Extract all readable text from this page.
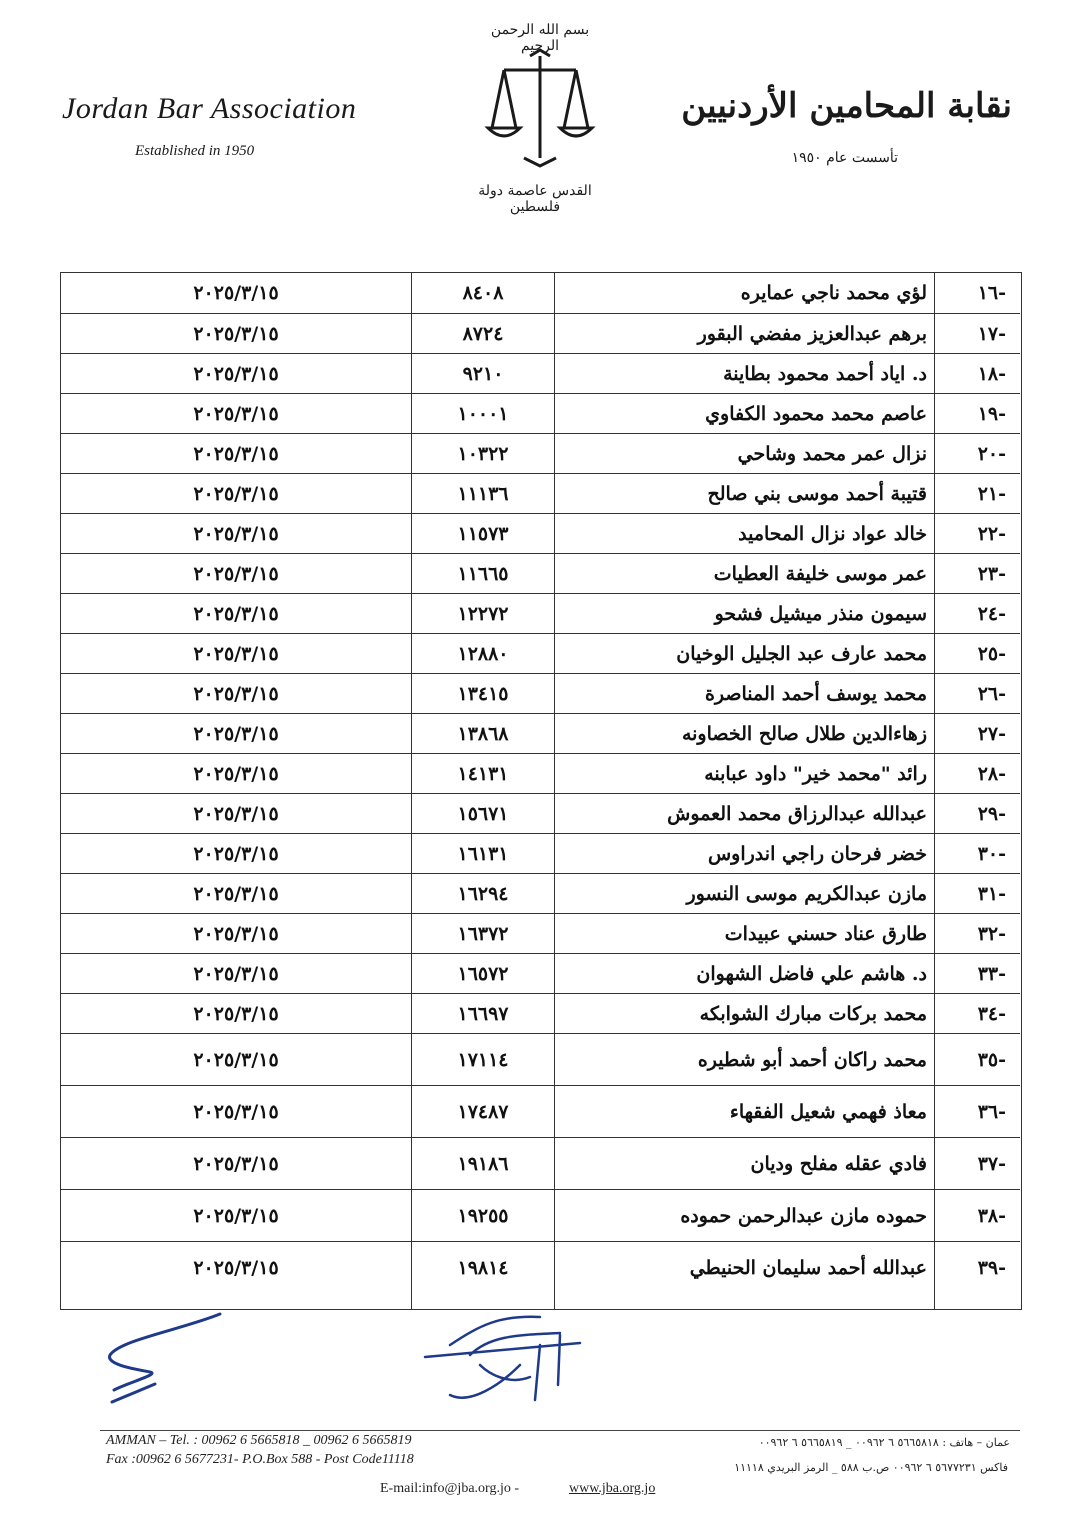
Jordan Bar Association
Established in 1950
بسم الله الرحمن الرحيم
القدس عاصمة دولة فلسطين
نقابة المحامين الأردنيين
تأسست عام ١٩٥٠
٢٠٢٥/٣/١٥	٨٤٠٨	لؤي محمد ناجي عمايره	-١٦
٢٠٢٥/٣/١٥	٨٧٢٤	برهم عبدالعزيز مفضي البقور	-١٧
٢٠٢٥/٣/١٥	٩٢١٠	د. اياد أحمد محمود بطاينة	-١٨
٢٠٢٥/٣/١٥	١٠٠٠١	عاصم محمد محمود الكفاوي	-١٩
٢٠٢٥/٣/١٥	١٠٣٢٢	نزال عمر محمد وشاحي	-٢٠
٢٠٢٥/٣/١٥	١١١٣٦	قتيبة أحمد موسى بني صالح	-٢١
٢٠٢٥/٣/١٥	١١٥٧٣	خالد عواد نزال المحاميد	-٢٢
٢٠٢٥/٣/١٥	١١٦٦٥	عمر موسى خليفة العطيات	-٢٣
٢٠٢٥/٣/١٥	١٢٢٧٢	سيمون منذر ميشيل فشحو	-٢٤
٢٠٢٥/٣/١٥	١٢٨٨٠	محمد عارف عبد الجليل الوخيان	-٢٥
٢٠٢٥/٣/١٥	١٣٤١٥	محمد يوسف أحمد المناصرة	-٢٦
٢٠٢٥/٣/١٥	١٣٨٦٨	زهاءالدين طلال صالح الخصاونه	-٢٧
٢٠٢٥/٣/١٥	١٤١٣١	رائد "محمد خير" داود عبابنه	-٢٨
٢٠٢٥/٣/١٥	١٥٦٧١	عبدالله عبدالرزاق محمد العموش	-٢٩
٢٠٢٥/٣/١٥	١٦١٣١	خضر فرحان راجي اندراوس	-٣٠
٢٠٢٥/٣/١٥	١٦٢٩٤	مازن عبدالكريم موسى النسور	-٣١
٢٠٢٥/٣/١٥	١٦٣٧٢	طارق عناد حسني عبيدات	-٣٢
٢٠٢٥/٣/١٥	١٦٥٧٢	د. هاشم علي فاضل الشهوان	-٣٣
٢٠٢٥/٣/١٥	١٦٦٩٧	محمد بركات مبارك الشوابكه	-٣٤
٢٠٢٥/٣/١٥	١٧١١٤	محمد راكان أحمد أبو شطيره	-٣٥
٢٠٢٥/٣/١٥	١٧٤٨٧	معاذ فهمي شعيل الفقهاء	-٣٦
٢٠٢٥/٣/١٥	١٩١٨٦	فادي عقله مفلح وديان	-٣٧
٢٠٢٥/٣/١٥	١٩٢٥٥	حموده مازن عبدالرحمن حموده	-٣٨
٢٠٢٥/٣/١٥	١٩٨١٤	عبدالله أحمد سليمان الحنيطي	-٣٩
AMMAN – Tel. : 00962 6 5665818 _ 00962 6 5665819
Fax :00962 6 5677231- P.O.Box 588 - Post Code11118
عمان – هاتف : ٥٦٦٥٨١٨ ٦ ٠٠٩٦٢ _ ٥٦٦٥٨١٩ ٦ ٠٠٩٦٢
فاكس ٥٦٧٧٢٣١ ٦ ٠٠٩٦٢ ص.ب ٥٨٨ _ الرمز البريدي ١١١١٨
E-mail:info@jba.org.jo -	www.jba.org.jo
